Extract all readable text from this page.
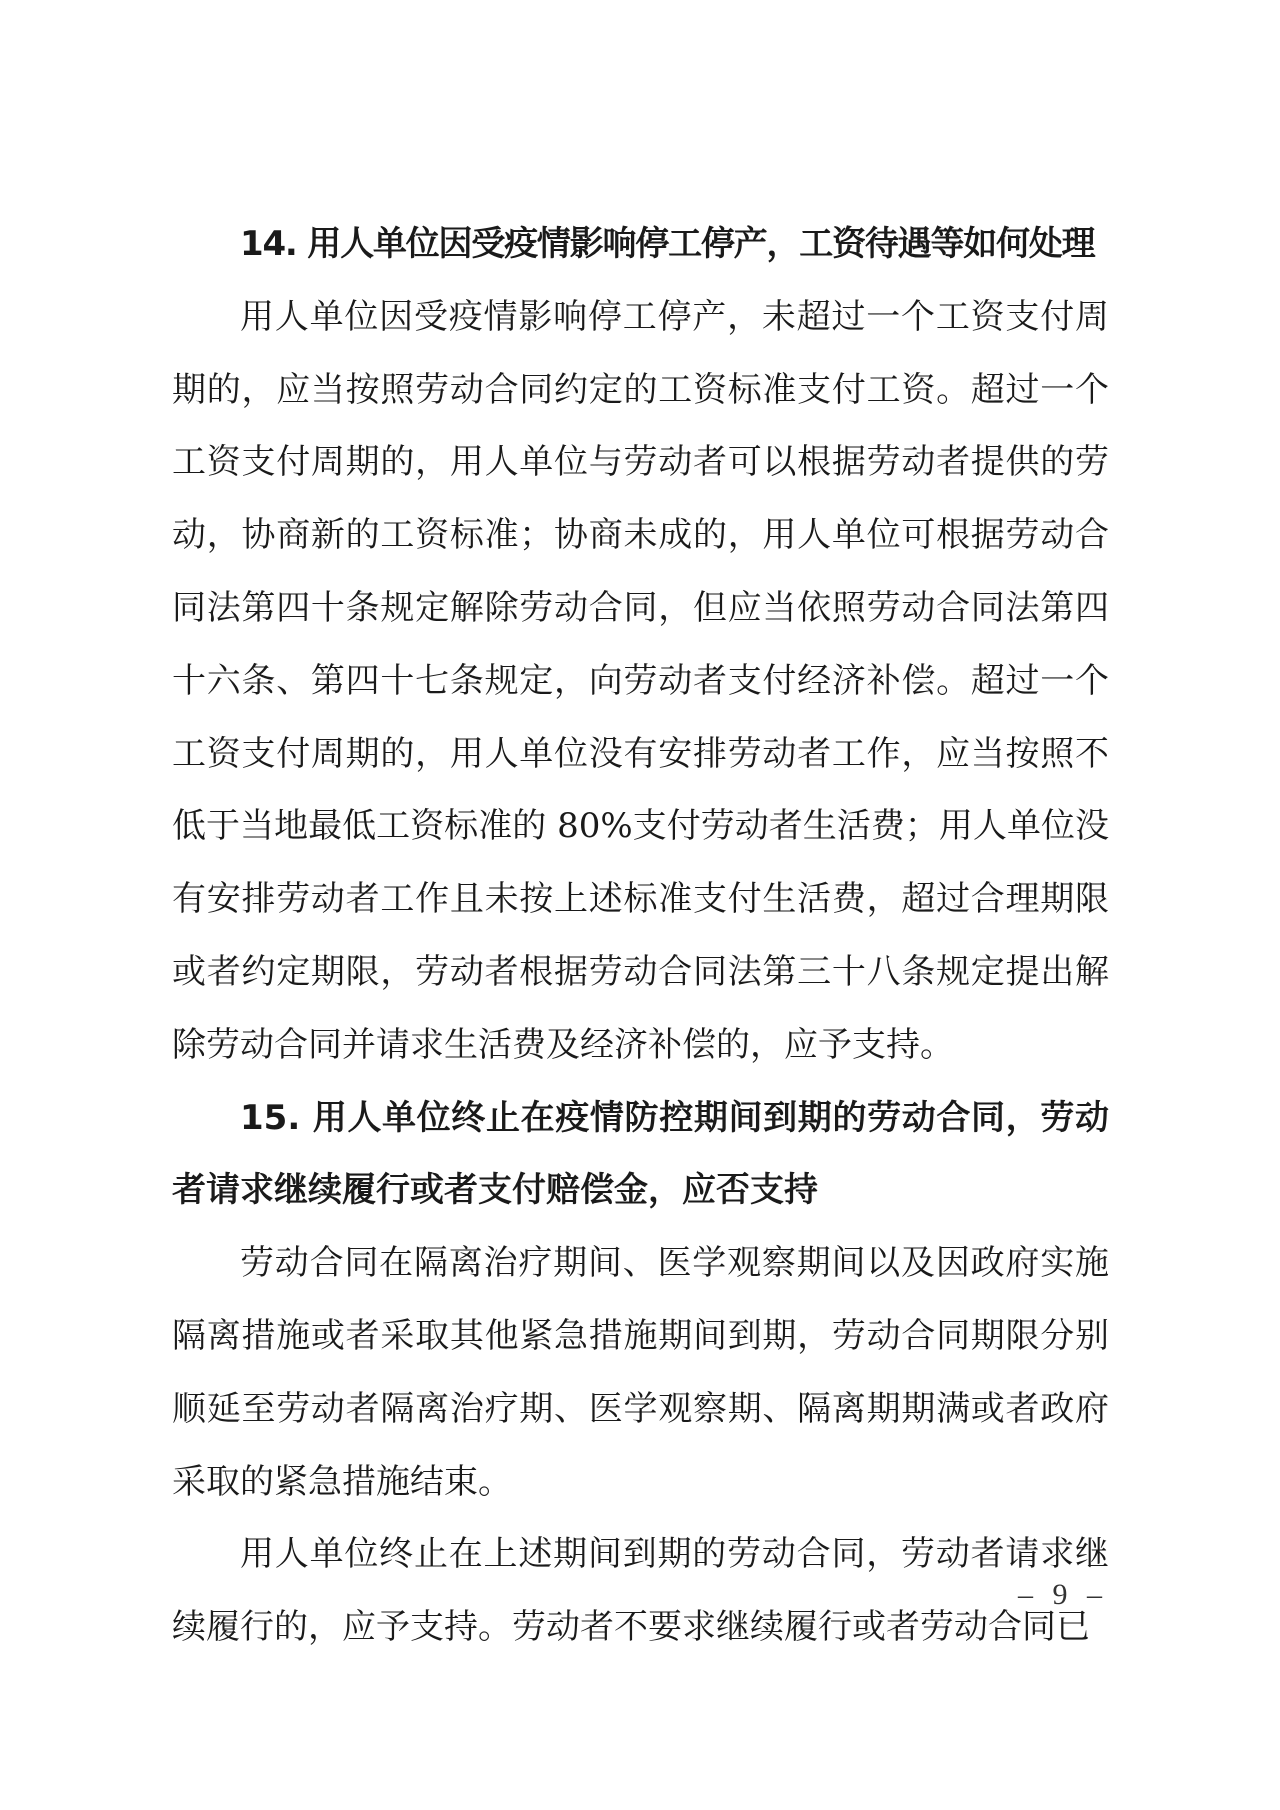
14. 用人单位因受疫情影响停工停产，工资待遇等如何处理

用人单位因受疫情影响停工停产，未超过一个工资支付周期的，应当按照劳动合同约定的工资标准支付工资。超过一个工资支付周期的，用人单位与劳动者可以根据劳动者提供的劳动，协商新的工资标准；协商未成的，用人单位可根据劳动合同法第四十条规定解除劳动合同，但应当依照劳动合同法第四十六条、第四十七条规定，向劳动者支付经济补偿。超过一个工资支付周期的，用人单位没有安排劳动者工作，应当按照不低于当地最低工资标准的 80%支付劳动者生活费；用人单位没有安排劳动者工作且未按上述标准支付生活费，超过合理期限或者约定期限，劳动者根据劳动合同法第三十八条规定提出解除劳动合同并请求生活费及经济补偿的，应予支持。

15. 用人单位终止在疫情防控期间到期的劳动合同，劳动者请求继续履行或者支付赔偿金，应否支持

劳动合同在隔离治疗期间、医学观察期间以及因政府实施隔离措施或者采取其他紧急措施期间到期，劳动合同期限分别顺延至劳动者隔离治疗期、医学观察期、隔离期期满或者政府采取的紧急措施结束。

用人单位终止在上述期间到期的劳动合同，劳动者请求继续履行的，应予支持。劳动者不要求继续履行或者劳动合同已

– 9 –
